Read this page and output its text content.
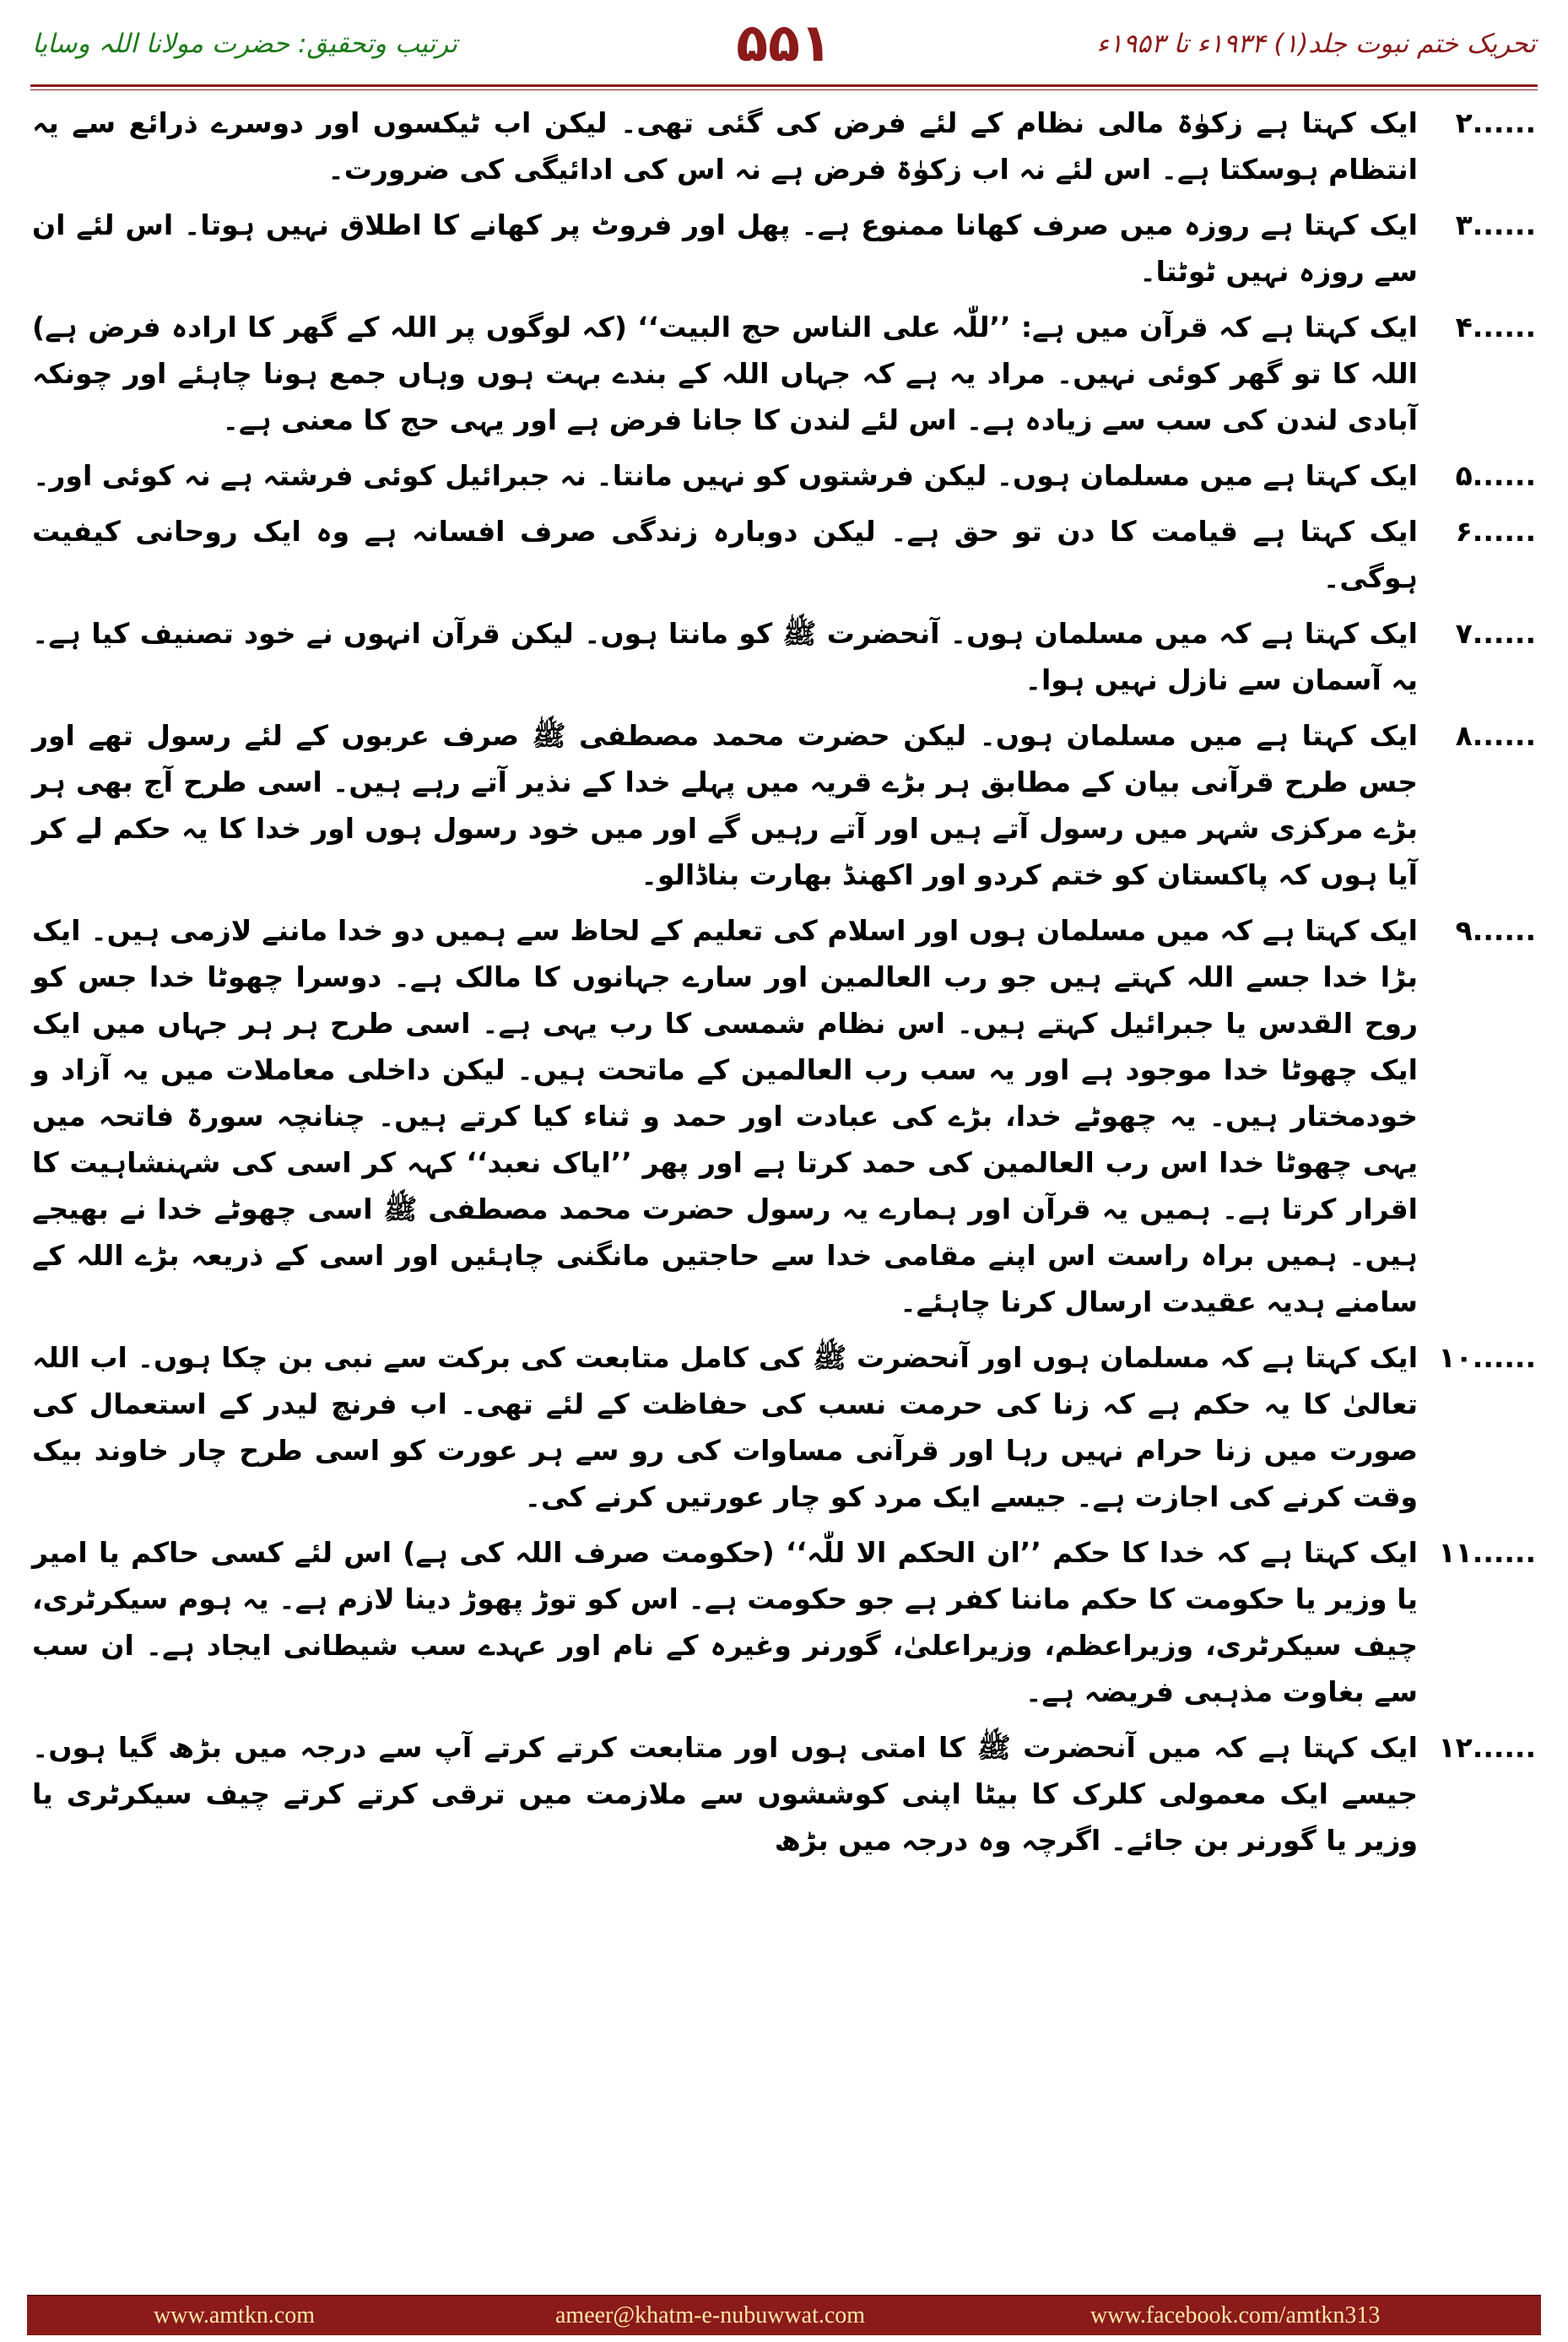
ترتیب وتحقیق: حضرت مولانا اللہ وسایا	۵۵۱	تحریک ختم نبوت جلد(۱) ۱۹۳۴ء تا ۱۹۵۳ء
۲......
ایک کہتا ہے زکوٰۃ مالی نظام کے لئے فرض کی گئی تھی۔ لیکن اب ٹیکسوں اور دوسرے ذرائع سے یہ انتظام ہوسکتا ہے۔ اس لئے نہ اب زکوٰۃ فرض ہے نہ اس کی ادائیگی کی ضرورت۔
۳......
ایک کہتا ہے روزہ میں صرف کھانا ممنوع ہے۔ پھل اور فروٹ پر کھانے کا اطلاق نہیں ہوتا۔ اس لئے ان سے روزہ نہیں ٹوٹتا۔
۴......
ایک کہتا ہے کہ قرآن میں ہے: ’’للّٰہ علی الناس حج البیت‘‘ (کہ لوگوں پر اللہ کے گھر کا ارادہ فرض ہے) اللہ کا تو گھر کوئی نہیں۔ مراد یہ ہے کہ جہاں اللہ کے بندے بہت ہوں وہاں جمع ہونا چاہئے اور چونکہ آبادی لندن کی سب سے زیادہ ہے۔ اس لئے لندن کا جانا فرض ہے اور یہی حج کا معنی ہے۔
۵......
ایک کہتا ہے میں مسلمان ہوں۔ لیکن فرشتوں کو نہیں مانتا۔ نہ جبرائیل کوئی فرشتہ ہے نہ کوئی اور۔
۶......
ایک کہتا ہے قیامت کا دن تو حق ہے۔ لیکن دوبارہ زندگی صرف افسانہ ہے وہ ایک روحانی کیفیت ہوگی۔
۷......
ایک کہتا ہے کہ میں مسلمان ہوں۔ آنحضرت ﷺ کو مانتا ہوں۔ لیکن قرآن انہوں نے خود تصنیف کیا ہے۔ یہ آسمان سے نازل نہیں ہوا۔
۸......
ایک کہتا ہے میں مسلمان ہوں۔ لیکن حضرت محمد مصطفی ﷺ صرف عربوں کے لئے رسول تھے اور جس طرح قرآنی بیان کے مطابق ہر بڑے قریہ میں پہلے خدا کے نذیر آتے رہے ہیں۔ اسی طرح آج بھی ہر بڑے مرکزی شہر میں رسول آتے ہیں اور آتے رہیں گے اور میں خود رسول ہوں اور خدا کا یہ حکم لے کر آیا ہوں کہ پاکستان کو ختم کردو اور اکھنڈ بھارت بناڈالو۔
۹......
ایک کہتا ہے کہ میں مسلمان ہوں اور اسلام کی تعلیم کے لحاظ سے ہمیں دو خدا ماننے لازمی ہیں۔ ایک بڑا خدا جسے اللہ کہتے ہیں جو رب العالمین اور سارے جہانوں کا مالک ہے۔ دوسرا چھوٹا خدا جس کو روح القدس یا جبرائیل کہتے ہیں۔ اس نظام شمسی کا رب یہی ہے۔ اسی طرح ہر ہر جہاں میں ایک ایک چھوٹا خدا موجود ہے اور یہ سب رب العالمین کے ماتحت ہیں۔ لیکن داخلی معاملات میں یہ آزاد و خودمختار ہیں۔ یہ چھوٹے خدا، بڑے کی عبادت اور حمد و ثناء کیا کرتے ہیں۔ چنانچہ سورۃ فاتحہ میں یہی چھوٹا خدا اس رب العالمین کی حمد کرتا ہے اور پھر ’’ایاک نعبد‘‘ کہہ کر اسی کی شہنشاہیت کا اقرار کرتا ہے۔ ہمیں یہ قرآن اور ہمارے یہ رسول حضرت محمد مصطفی ﷺ اسی چھوٹے خدا نے بھیجے ہیں۔ ہمیں براہ راست اس اپنے مقامی خدا سے حاجتیں مانگنی چاہئیں اور اسی کے ذریعہ بڑے اللہ کے سامنے ہدیہ عقیدت ارسال کرنا چاہئے۔
۱۰......
ایک کہتا ہے کہ مسلمان ہوں اور آنحضرت ﷺ کی کامل متابعت کی برکت سے نبی بن چکا ہوں۔ اب اللہ تعالیٰ کا یہ حکم ہے کہ زنا کی حرمت نسب کی حفاظت کے لئے تھی۔ اب فرنچ لیدر کے استعمال کی صورت میں زنا حرام نہیں رہا اور قرآنی مساوات کی رو سے ہر عورت کو اسی طرح چار خاوند بیک وقت کرنے کی اجازت ہے۔ جیسے ایک مرد کو چار عورتیں کرنے کی۔
۱۱......
ایک کہتا ہے کہ خدا کا حکم ’’ان الحکم الا للّٰہ‘‘ (حکومت صرف اللہ کی ہے) اس لئے کسی حاکم یا امیر یا وزیر یا حکومت کا حکم ماننا کفر ہے جو حکومت ہے۔ اس کو توڑ پھوڑ دینا لازم ہے۔ یہ ہوم سیکرٹری، چیف سیکرٹری، وزیراعظم، وزیراعلیٰ، گورنر وغیرہ کے نام اور عہدے سب شیطانی ایجاد ہے۔ ان سب سے بغاوت مذہبی فریضہ ہے۔
۱۲......
ایک کہتا ہے کہ میں آنحضرت ﷺ کا امتی ہوں اور متابعت کرتے کرتے آپ سے درجہ میں بڑھ گیا ہوں۔ جیسے ایک معمولی کلرک کا بیٹا اپنی کوششوں سے ملازمت میں ترقی کرتے کرتے چیف سیکرٹری یا وزیر یا گورنر بن جائے۔ اگرچہ وہ درجہ میں بڑھ
www.amtkn.com	ameer@khatm-e-nubuwwat.com	www.facebook.com/amtkn313
